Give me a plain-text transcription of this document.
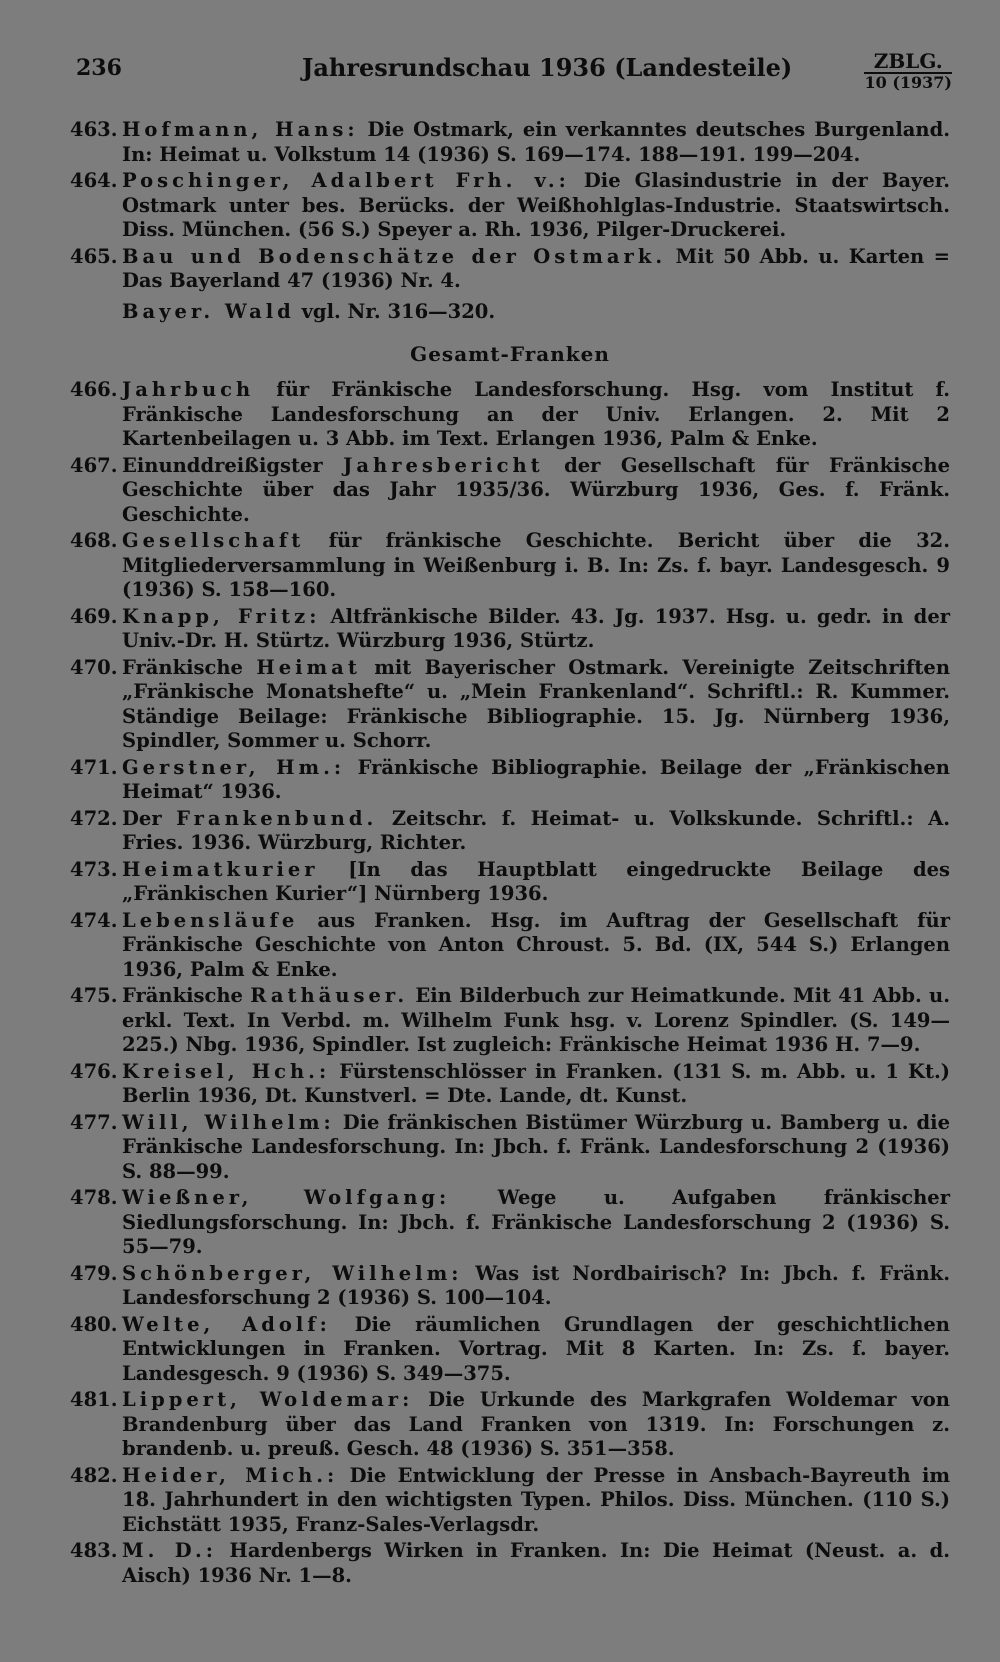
236	Jahresrundschau 1936 (Landesteile)	ZBLG.
10 (1937)
463. Hofmann, Hans: Die Ostmark, ein verkanntes deutsches Burgenland. In: Heimat u. Volkstum 14 (1936) S. 169—174. 188—191. 199—204.
464. Poschinger, Adalbert Frh. v.: Die Glasindustrie in der Bayer. Ostmark unter bes. Berücks. der Weißhohlglas-Industrie. Staatswirtsch. Diss. München. (56 S.) Speyer a. Rh. 1936, Pilger-Druckerei.
465. Bau und Bodenschätze der Ostmark. Mit 50 Abb. u. Karten = Das Bayerland 47 (1936) Nr. 4.
Bayer. Wald vgl. Nr. 316—320.
Gesamt-Franken
466. Jahrbuch für Fränkische Landesforschung. Hsg. vom Institut f. Fränkische Landesforschung an der Univ. Erlangen. 2. Mit 2 Kartenbeilagen u. 3 Abb. im Text. Erlangen 1936, Palm & Enke.
467. Einunddreißigster Jahresbericht der Gesellschaft für Fränkische Geschichte über das Jahr 1935/36. Würzburg 1936, Ges. f. Fränk. Geschichte.
468. Gesellschaft für fränkische Geschichte. Bericht über die 32. Mitgliederversammlung in Weißenburg i. B. In: Zs. f. bayr. Landesgesch. 9 (1936) S. 158—160.
469. Knapp, Fritz: Altfränkische Bilder. 43. Jg. 1937. Hsg. u. gedr. in der Univ.-Dr. H. Stürtz. Würzburg 1936, Stürtz.
470. Fränkische Heimat mit Bayerischer Ostmark. Vereinigte Zeitschriften „Fränkische Monatshefte“ u. „Mein Frankenland“. Schriftl.: R. Kummer. Ständige Beilage: Fränkische Bibliographie. 15. Jg. Nürnberg 1936, Spindler, Sommer u. Schorr.
471. Gerstner, Hm.: Fränkische Bibliographie. Beilage der „Fränkischen Heimat“ 1936.
472. Der Frankenbund. Zeitschr. f. Heimat- u. Volkskunde. Schriftl.: A. Fries. 1936. Würzburg, Richter.
473. Heimatkurier [In das Hauptblatt eingedruckte Beilage des „Fränkischen Kurier“] Nürnberg 1936.
474. Lebensläufe aus Franken. Hsg. im Auftrag der Gesellschaft für Fränkische Geschichte von Anton Chroust. 5. Bd. (IX, 544 S.) Erlangen 1936, Palm & Enke.
475. Fränkische Rathäuser. Ein Bilderbuch zur Heimatkunde. Mit 41 Abb. u. erkl. Text. In Verbd. m. Wilhelm Funk hsg. v. Lorenz Spindler. (S. 149—225.) Nbg. 1936, Spindler. Ist zugleich: Fränkische Heimat 1936 H. 7—9.
476. Kreisel, Hch.: Fürstenschlösser in Franken. (131 S. m. Abb. u. 1 Kt.) Berlin 1936, Dt. Kunstverl. = Dte. Lande, dt. Kunst.
477. Will, Wilhelm: Die fränkischen Bistümer Würzburg u. Bamberg u. die Fränkische Landesforschung. In: Jbch. f. Fränk. Landesforschung 2 (1936) S. 88—99.
478. Wießner, Wolfgang: Wege u. Aufgaben fränkischer Siedlungsforschung. In: Jbch. f. Fränkische Landesforschung 2 (1936) S. 55—79.
479. Schönberger, Wilhelm: Was ist Nordbairisch? In: Jbch. f. Fränk. Landesforschung 2 (1936) S. 100—104.
480. Welte, Adolf: Die räumlichen Grundlagen der geschichtlichen Entwicklungen in Franken. Vortrag. Mit 8 Karten. In: Zs. f. bayer. Landesgesch. 9 (1936) S. 349—375.
481. Lippert, Woldemar: Die Urkunde des Markgrafen Woldemar von Brandenburg über das Land Franken von 1319. In: Forschungen z. brandenb. u. preuß. Gesch. 48 (1936) S. 351—358.
482. Heider, Mich.: Die Entwicklung der Presse in Ansbach-Bayreuth im 18. Jahrhundert in den wichtigsten Typen. Philos. Diss. München. (110 S.) Eichstätt 1935, Franz-Sales-Verlagsdr.
483. M. D.: Hardenbergs Wirken in Franken. In: Die Heimat (Neust. a. d. Aisch) 1936 Nr. 1—8.
